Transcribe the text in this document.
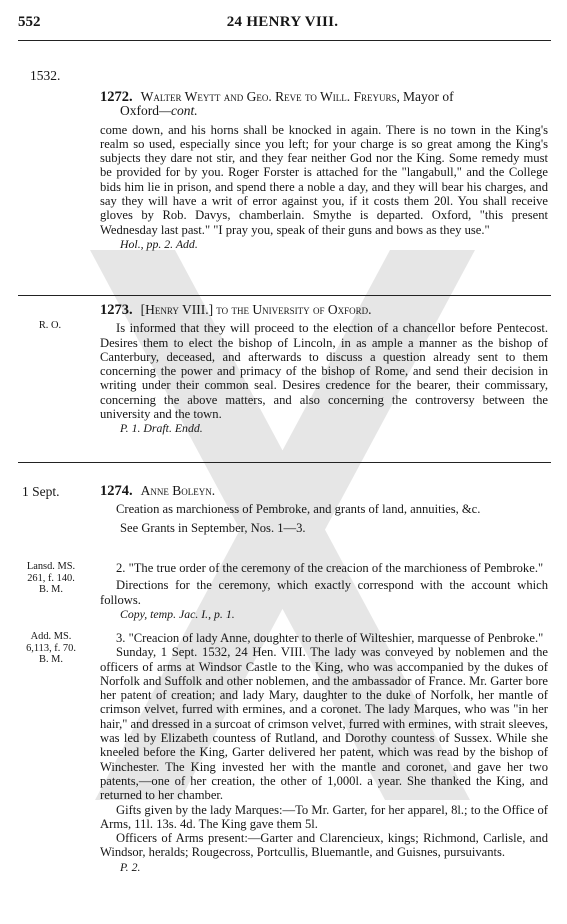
552	24 HENRY VIII.
1532.

1272. Walter Weytt and Geo. Reve to Will. Freyurs, Mayor of
Oxford—cont.

come down, and his horns shall be knocked in again. There is no town in the King's realm so used, especially since you left; for your charge is so great among the King's subjects they dare not stir, and they fear neither God nor the King. Some remedy must be provided for by you. Roger Forster is attached for the "langabull," and the College bids him lie in prison, and spend there a noble a day, and they will bear his charges, and say they will have a writ of error against you, if it costs them 20l. You shall receive gloves by Rob. Davys, chamberlain. Smythe is departed. Oxford, "this present Wednesday last past." "I pray you, speak of their guns and bows as they use."

Hol., pp. 2. Add.

R. O.

1273. [Henry VIII.] to the University of Oxford.

Is informed that they will proceed to the election of a chancellor before Pentecost. Desires them to elect the bishop of Lincoln, in as ample a manner as the bishop of Canterbury, deceased, and afterwards to discuss a question already sent to them concerning the power and primacy of the bishop of Rome, and send their decision in writing under their common seal. Desires credence for the bearer, their commissary, concerning the above matters, and also concerning the controversy between the university and the town.

P. 1. Draft. Endd.

1 Sept.	1274. Anne Boleyn.

Creation as marchioness of Pembroke, and grants of land, annuities, &c.

See Grants in September, Nos. 1—3.

Lansd. MS.
261, f. 140.
B. M.

2. "The true order of the ceremony of the creacion of the marchioness of Pembroke."

Directions for the ceremony, which exactly correspond with the account which follows.

Copy, temp. Jac. I., p. 1.

Add. MS.
6,113, f. 70.
B. M.

3. "Creacion of lady Anne, doughter to therle of Wilteshier, marquesse of Penbroke."

Sunday, 1 Sept. 1532, 24 Hen. VIII. The lady was conveyed by noblemen and the officers of arms at Windsor Castle to the King, who was accompanied by the dukes of Norfolk and Suffolk and other noblemen, and the ambassador of France. Mr. Garter bore her patent of creation; and lady Mary, daughter to the duke of Norfolk, her mantle of crimson velvet, furred with ermines, and a coronet. The lady Marques, who was "in her hair," and dressed in a surcoat of crimson velvet, furred with ermines, with strait sleeves, was led by Elizabeth countess of Rutland, and Dorothy countess of Sussex. While she kneeled before the King, Garter delivered her patent, which was read by the bishop of Winchester. The King invested her with the mantle and coronet, and gave her two patents,—one of her creation, the other of 1,000l. a year. She thanked the King, and returned to her chamber.

Gifts given by the lady Marques:—To Mr. Garter, for her apparel, 8l.; to the Office of Arms, 11l. 13s. 4d. The King gave them 5l.

Officers of Arms present:—Garter and Clarencieux, kings; Richmond, Carlisle, and Windsor, heralds; Rougecross, Portcullis, Bluemantle, and Guisnes, pursuivants.

P. 2.
